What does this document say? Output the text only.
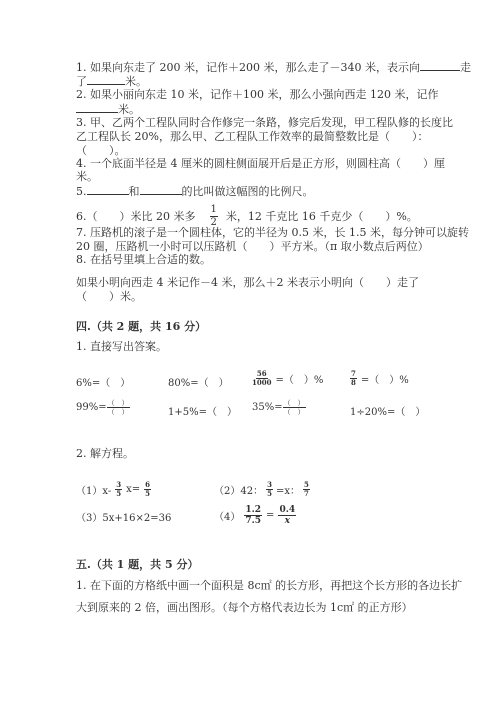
1. 如果向东走了 200 米，记作＋200 米，那么走了－340 米，表示向	走
了	米。
2. 如果小丽向东走 10 米，记作＋100 米，那么小强向西走 120 米，记作
米。
3. 甲、乙两个工程队同时合作修完一条路，修完后发现，甲工程队修的长度比
乙工程队长 20%，那么甲、乙工程队工作效率的最简整数比是（　　）：
（　　）。
4. 一个底面半径是 4 厘米的圆柱侧面展开后是正方形，则圆柱高（　　）厘
米。
5.	和	的比叫做这幅图的比例尺。
6.（　　）米比 20 米多 $\frac{1}{2}$ 米，12 千克比 16 千克少（　　）%。
7. 压路机的滚子是一个圆柱体，它的半径为 0.5 米，长 1.5 米，每分钟可以旋转
20 圈，压路机一小时可以压路机（　　）平方米。（π 取小数点后两位）
8. 在括号里填上合适的数。
如果小明向西走 4 米记作－4 米，那么＋2 米表示小明向（　　）走了
（　　）米。
四.（共 2 题，共 16 分）
1. 直接写出答案。
6%=（　）	80%=（　）	$\frac{56}{1000}$ =（　）%	$\frac{7}{8}$ =（　）%
$99\%= \frac{( )}{( )}$	1+5%=（　） $35\%= \frac{( )}{( )}$	1÷20%=（　）
2. 解方程。
$(1)x- \frac{3}{5} x= \frac{6}{5}$	（2）42： $\frac{3}{5} =x$： $\frac{5}{7}$
（3）5x+16×2=36	$(4) \frac{1.2}{7.5} = \frac{0.4}{x}$
五.（共 1 题，共 5 分）
1. 在下面的方格纸中画一个面积是 8c㎡ 的长方形，再把这个长方形的各边长扩
大到原来的 2 倍，画出图形。（每个方格代表边长为 1c㎡ 的正方形）
